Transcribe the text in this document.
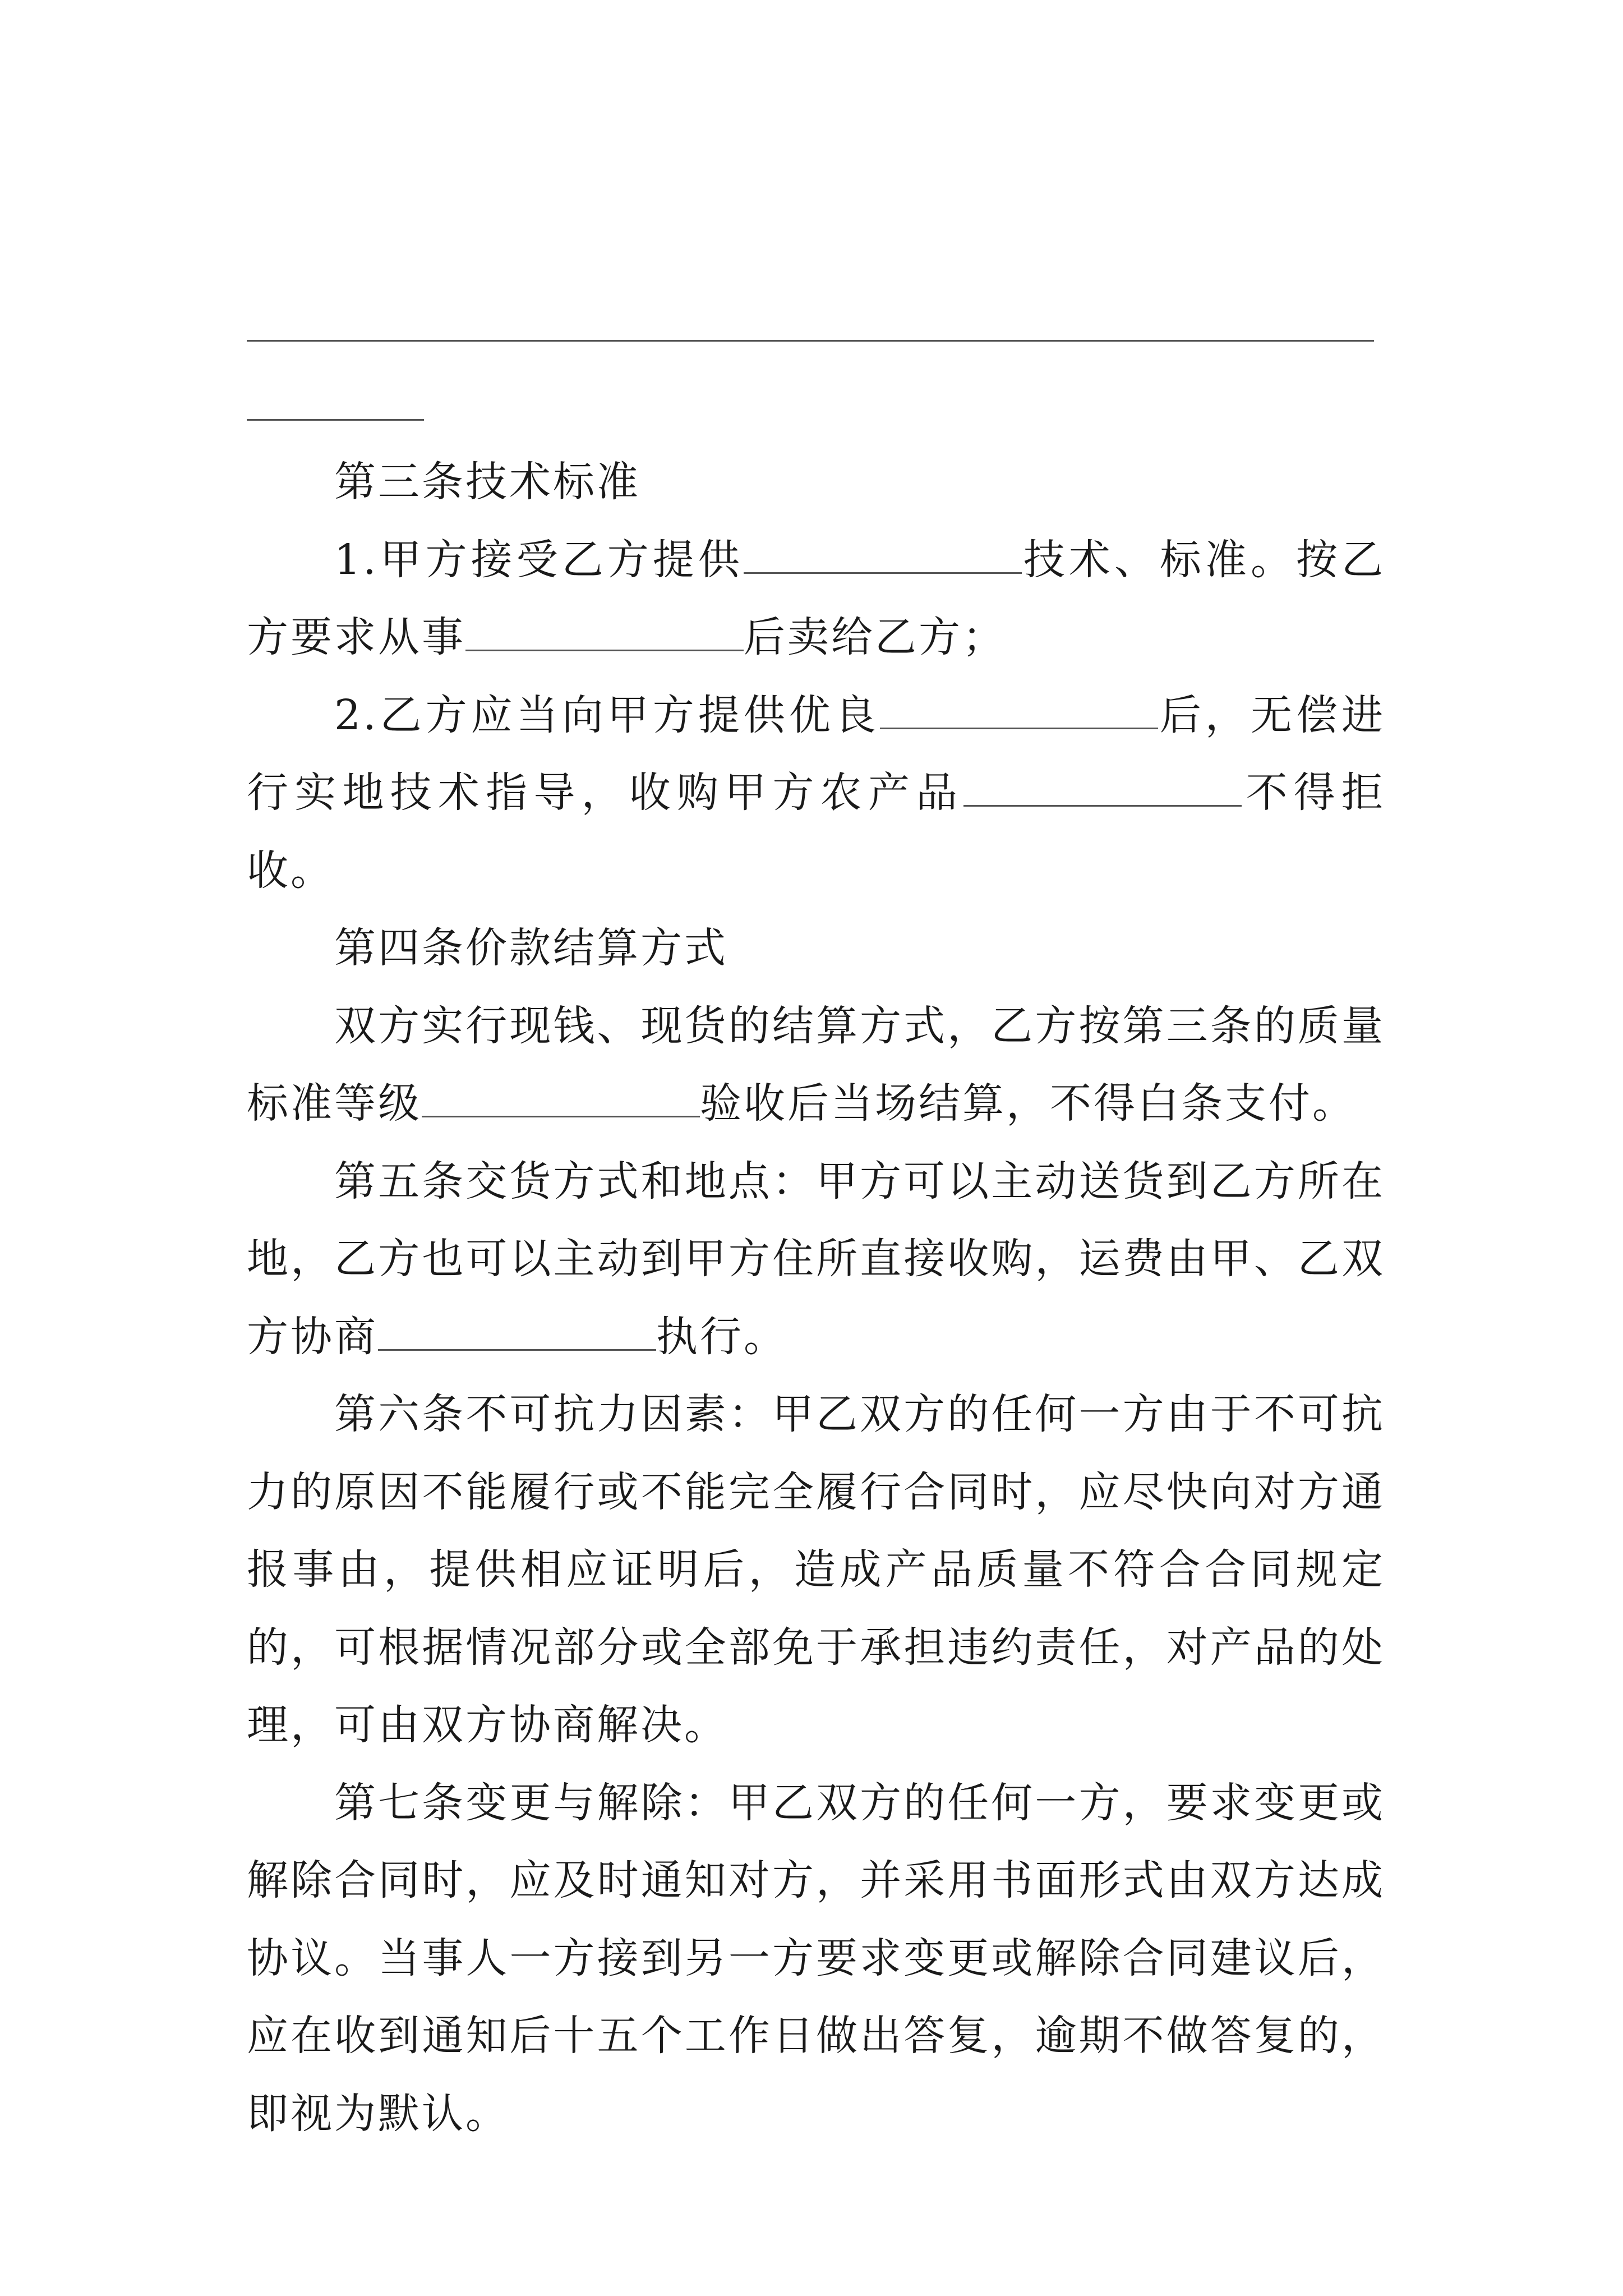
第三条技术标准

1.甲方接受乙方提供	技术、标准。按乙方要求从事	后卖给乙方；

2.乙方应当向甲方提供优良	后，无偿进行实地技术指导，收购甲方农产品	不得拒收。

第四条价款结算方式

双方实行现钱、现货的结算方式，乙方按第三条的质量标准等级	验收后当场结算，不得白条支付。

第五条交货方式和地点：甲方可以主动送货到乙方所在地，乙方也可以主动到甲方住所直接收购，运费由甲、乙双方协商	执行。

第六条不可抗力因素：甲乙双方的任何一方由于不可抗力的原因不能履行或不能完全履行合同时，应尽快向对方通报事由，提供相应证明后，造成产品质量不符合合同规定的，可根据情况部分或全部免于承担违约责任，对产品的处理，可由双方协商解决。

第七条变更与解除：甲乙双方的任何一方，要求变更或解除合同时，应及时通知对方，并采用书面形式由双方达成协议。当事人一方接到另一方要求变更或解除合同建议后，应在收到通知后十五个工作日做出答复，逾期不做答复的，即视为默认。
